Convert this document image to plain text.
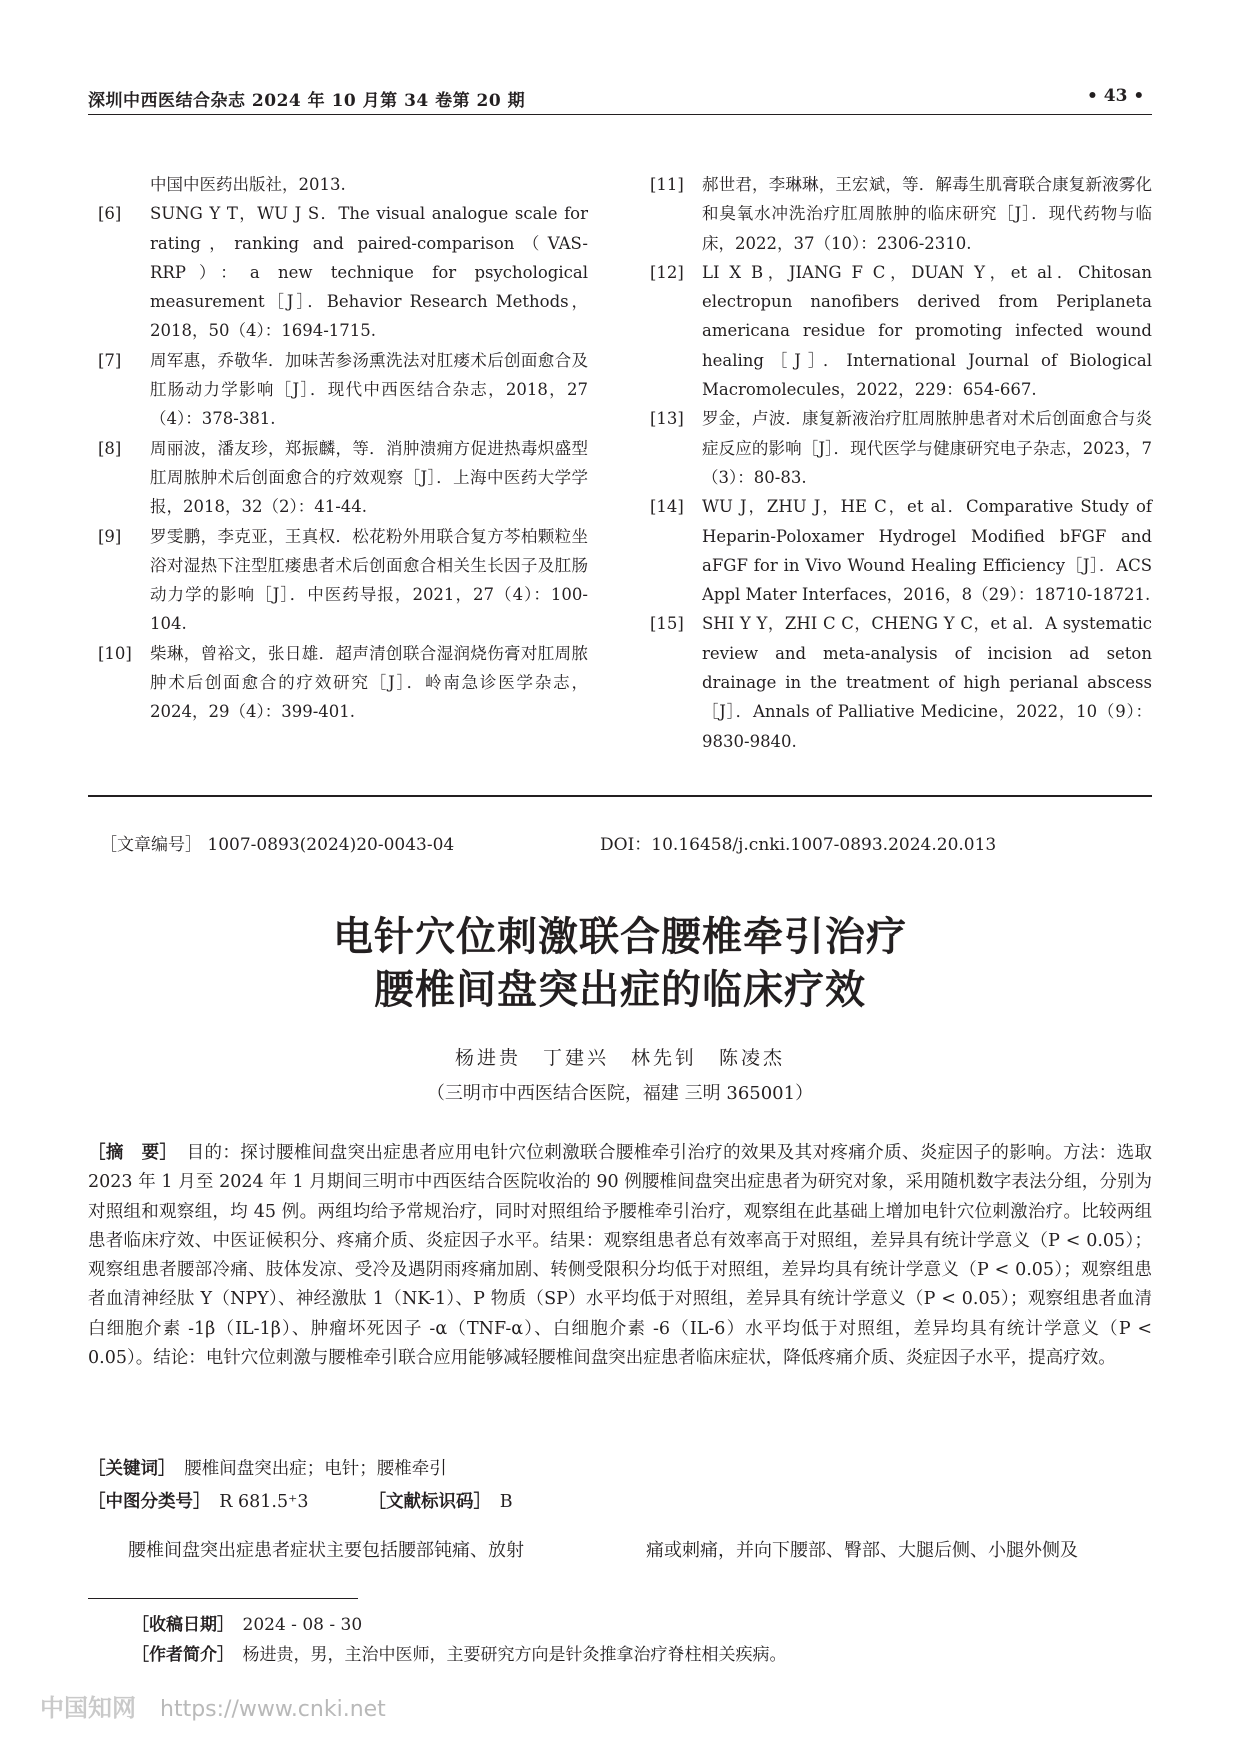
深圳中西医结合杂志 2024 年 10 月第 34 卷第 20 期	• 43 •
中国中医药出版社，2013.
[6] SUNG Y T，WU J S．The visual analogue scale for rating，ranking and paired-comparison（VAS-RRP）：a new technique for psychological measurement［J］．Behavior Research Methods，2018，50（4）：1694-1715.
[7] 周军惠，乔敬华．加味苦参汤熏洗法对肛瘘术后创面愈合及肛肠动力学影响［J］．现代中西医结合杂志，2018，27（4）：378-381.
[8] 周丽波，潘友珍，郑振麟，等．消肿溃痈方促进热毒炽盛型肛周脓肿术后创面愈合的疗效观察［J］．上海中医药大学学报，2018，32（2）：41-44.
[9] 罗雯鹏，李克亚，王真权．松花粉外用联合复方芩柏颗粒坐浴对湿热下注型肛瘘患者术后创面愈合相关生长因子及肛肠动力学的影响［J］．中医药导报，2021，27（4）：100-104.
[10] 柴琳，曾裕文，张日雄．超声清创联合湿润烧伤膏对肛周脓肿术后创面愈合的疗效研究［J］．岭南急诊医学杂志，2024，29（4）：399-401.
[11] 郝世君，李琳琳，王宏斌，等．解毒生肌膏联合康复新液雾化和臭氧水冲洗治疗肛周脓肿的临床研究［J］．现代药物与临床，2022，37（10）：2306-2310.
[12] LI X B，JIANG F C，DUAN Y，et al．Chitosan electropun nanofibers derived from Periplaneta americana residue for promoting infected wound healing［J］．International Journal of Biological Macromolecules，2022，229：654-667.
[13] 罗金，卢波．康复新液治疗肛周脓肿患者对术后创面愈合与炎症反应的影响［J］．现代医学与健康研究电子杂志，2023，7（3）：80-83.
[14] WU J，ZHU J，HE C，et al．Comparative Study of Heparin-Poloxamer Hydrogel Modified bFGF and aFGF for in Vivo Wound Healing Efficiency［J］．ACS Appl Mater Interfaces，2016，8（29）：18710-18721.
[15] SHI Y Y，ZHI C C，CHENG Y C，et al．A systematic review and meta-analysis of incision ad seton drainage in the treatment of high perianal abscess［J］．Annals of Palliative Medicine，2022，10（9）：9830-9840.
［文章编号］ 1007-0893(2024)20-0043-04	DOI：10.16458/j.cnki.1007-0893.2024.20.013
电针穴位刺激联合腰椎牵引治疗
腰椎间盘突出症的临床疗效
杨进贵　丁建兴　林先钊　陈凌杰
（三明市中西医结合医院，福建 三明 365001）
［摘　要］　 目的：探讨腰椎间盘突出症患者应用电针穴位刺激联合腰椎牵引治疗的效果及其对疼痛介质、炎症因子的影响。方法：选取 2023 年 1 月至 2024 年 1 月期间三明市中西医结合医院收治的 90 例腰椎间盘突出症患者为研究对象，采用随机数字表法分组，分别为对照组和观察组，均 45 例。两组均给予常规治疗，同时对照组给予腰椎牵引治疗，观察组在此基础上增加电针穴位刺激治疗。比较两组患者临床疗效、中医证候积分、疼痛介质、炎症因子水平。结果：观察组患者总有效率高于对照组，差异具有统计学意义（P < 0.05）；观察组患者腰部冷痛、肢体发凉、受冷及遇阴雨疼痛加剧、转侧受限积分均低于对照组，差异均具有统计学意义（P < 0.05）；观察组患者血清神经肽 Y（NPY）、神经激肽 1（NK-1）、P 物质（SP）水平均低于对照组，差异具有统计学意义（P < 0.05）；观察组患者血清白细胞介素 -1β（IL-1β）、肿瘤坏死因子 -α（TNF-α）、白细胞介素 -6（IL-6）水平均低于对照组，差异均具有统计学意义（P < 0.05）。结论：电针穴位刺激与腰椎牵引联合应用能够减轻腰椎间盘突出症患者临床症状，降低疼痛介质、炎症因子水平，提高疗效。
［关键词］　 腰椎间盘突出症；电针；腰椎牵引
［中图分类号］　 R 681.5⁺3	［文献标识码］　 B
腰椎间盘突出症患者症状主要包括腰部钝痛、放射	痛或刺痛，并向下腰部、臀部、大腿后侧、小腿外侧及
［收稿日期］　 2024 - 08 - 30
［作者简介］　 杨进贵，男，主治中医师，主要研究方向是针灸推拿治疗脊柱相关疾病。
中国知网 https://www.cnki.net
